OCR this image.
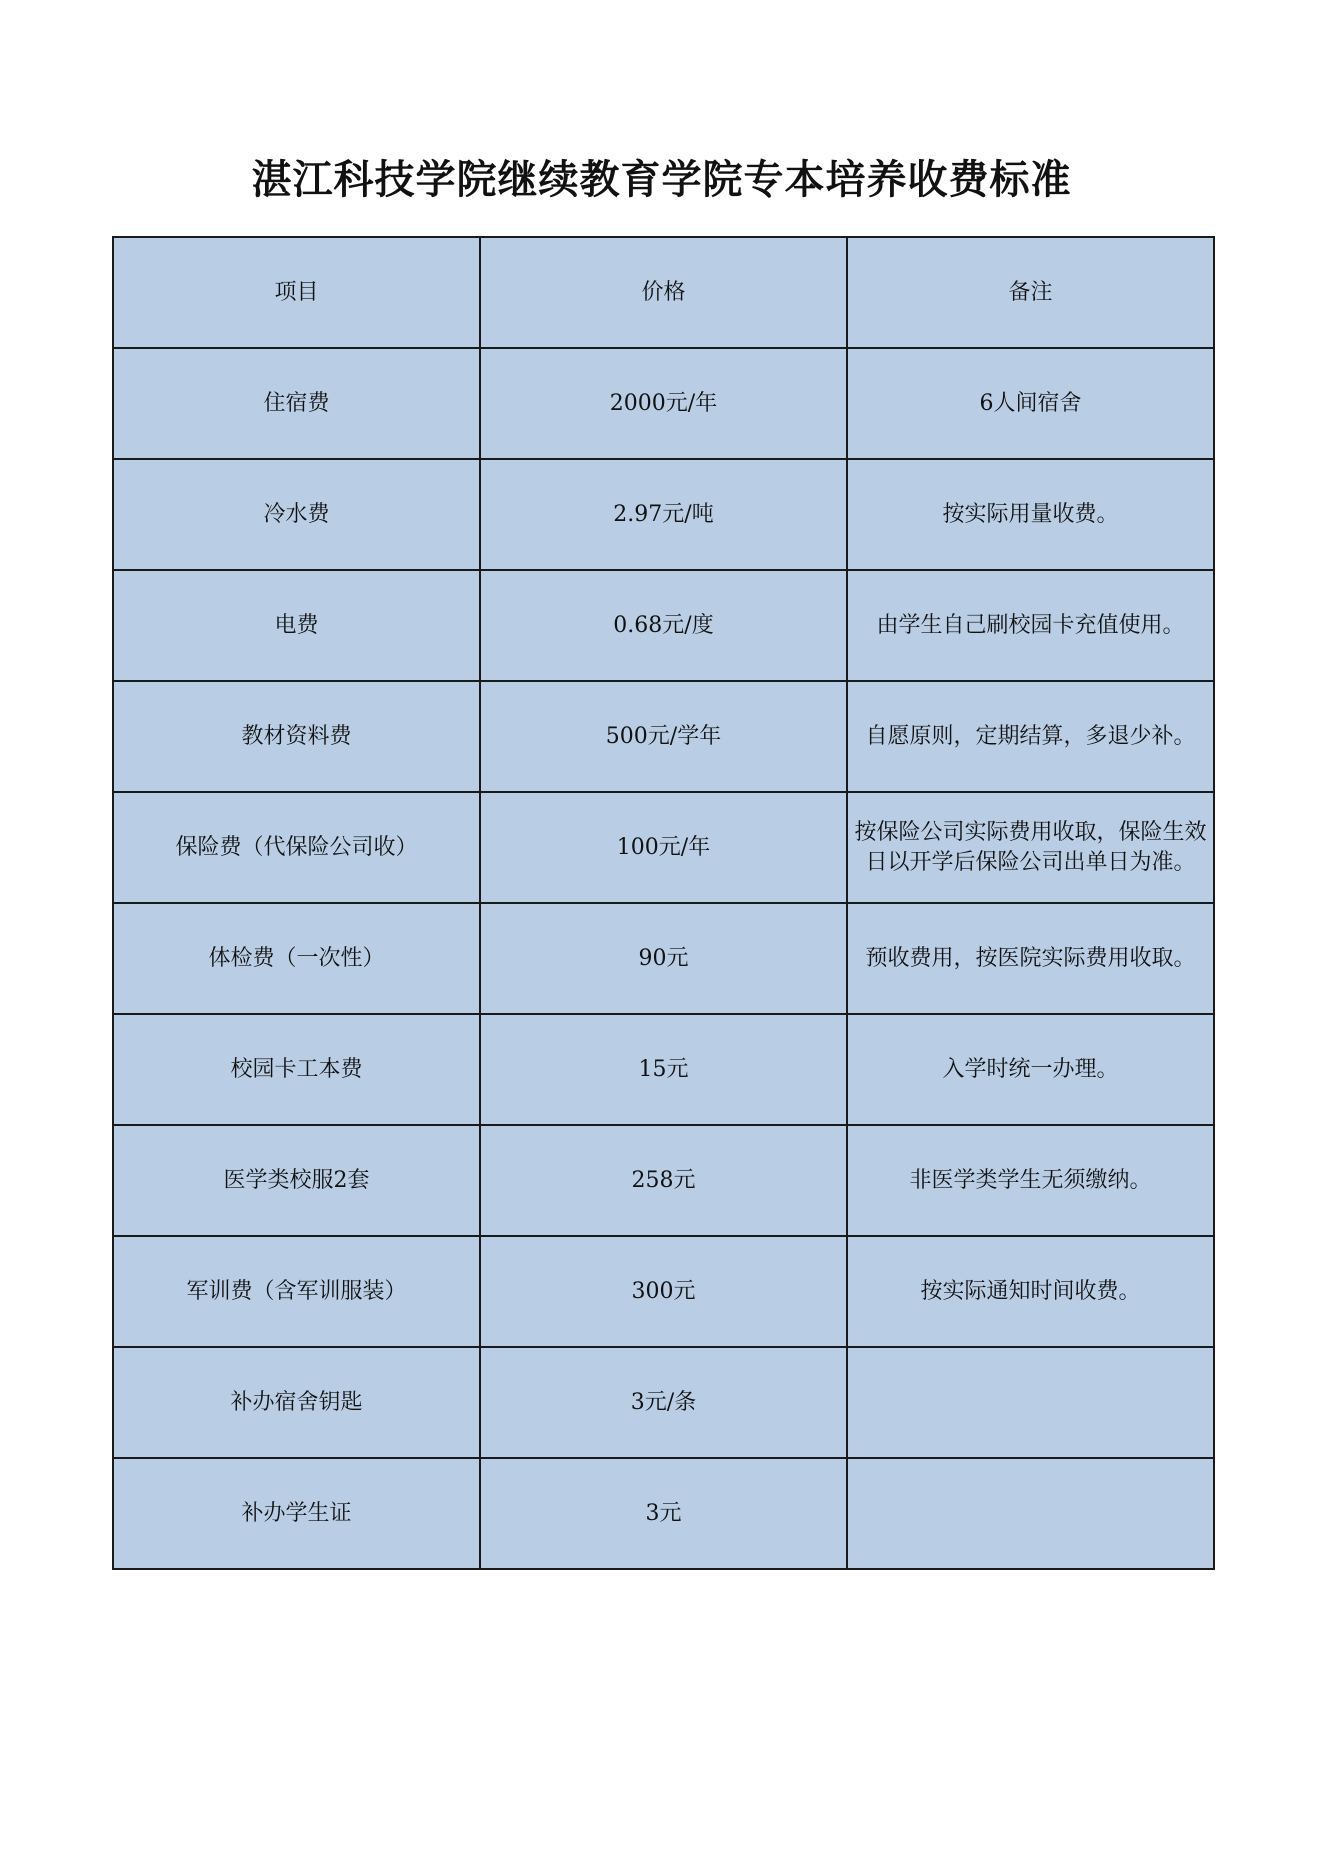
湛江科技学院继续教育学院专本培养收费标准
项目	价格	备注
住宿费	2000元/年	6人间宿舍
冷水费	2.97元/吨	按实际用量收费。
电费	0.68元/度	由学生自己刷校园卡充值使用。
教材资料费	500元/学年	自愿原则，定期结算，多退少补。
保险费（代保险公司收）	100元/年	按保险公司实际费用收取，保险生效日以开学后保险公司出单日为准。
体检费（一次性）	90元	预收费用，按医院实际费用收取。
校园卡工本费	15元	入学时统一办理。
医学类校服2套	258元	非医学类学生无须缴纳。
军训费（含军训服装）	300元	按实际通知时间收费。
补办宿舍钥匙	3元/条	
补办学生证	3元	
